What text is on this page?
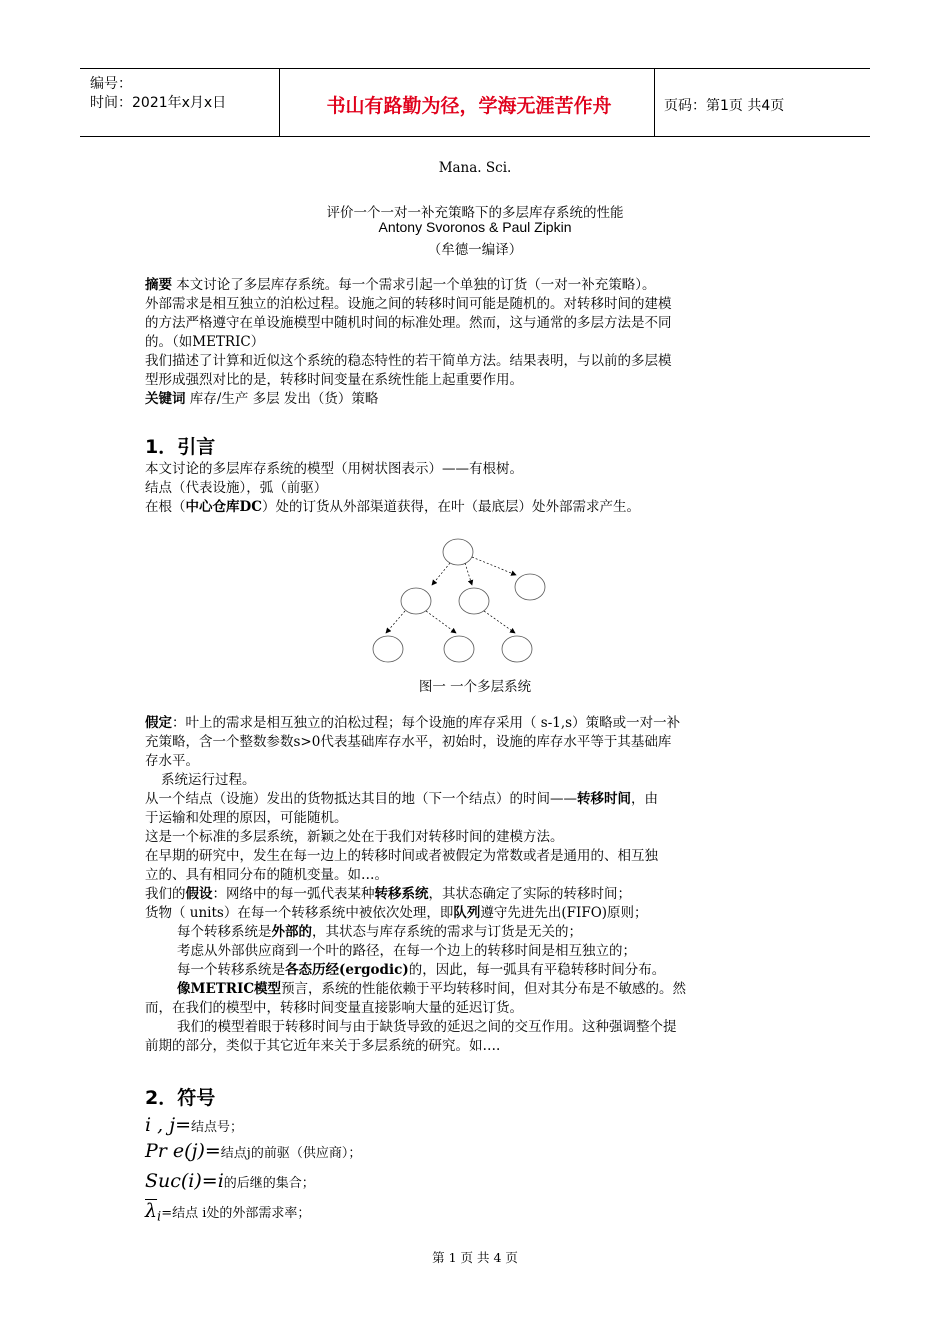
编号：
时间：2021年x月x日	书山有路勤为径，学海无涯苦作舟	页码：第1页 共4页
Mana. Sci.
评价一个一对一补充策略下的多层库存系统的性能
Antony Svoronos & Paul Zipkin
（牟德一编译）
摘要 本文讨论了多层库存系统。每一个需求引起一个单独的订货（一对一补充策略）。
外部需求是相互独立的泊松过程。设施之间的转移时间可能是随机的。对转移时间的建模
的方法严格遵守在单设施模型中随机时间的标准处理。然而，这与通常的多层方法是不同
的。（如METRIC）
我们描述了计算和近似这个系统的稳态特性的若干简单方法。结果表明，与以前的多层模
型形成强烈对比的是，转移时间变量在系统性能上起重要作用。
关键词 库存/生产 多层 发出（货）策略
1．引言
本文讨论的多层库存系统的模型（用树状图表示）——有根树。
结点（代表设施），弧（前驱）
在根（中心仓库DC）处的订货从外部渠道获得，在叶（最底层）处外部需求产生。
图一 一个多层系统
假定：叶上的需求是相互独立的泊松过程；每个设施的库存采用（ s-1,s）策略或一对一补
充策略，含一个整数参数s>0代表基础库存水平，初始时，设施的库存水平等于其基础库
存水平。
系统运行过程。
从一个结点（设施）发出的货物抵达其目的地（下一个结点）的时间——转移时间，由
于运输和处理的原因，可能随机。
这是一个标准的多层系统，新颖之处在于我们对转移时间的建模方法。
在早期的研究中，发生在每一边上的转移时间或者被假定为常数或者是通用的、相互独
立的、具有相同分布的随机变量。如…。
我们的假设：网络中的每一弧代表某种转移系统，其状态确定了实际的转移时间；
货物（ units）在每一个转移系统中被依次处理，即队列遵守先进先出(FIFO)原则；
每个转移系统是外部的，其状态与库存系统的需求与订货是无关的；
考虑从外部供应商到一个叶的路径，在每一个边上的转移时间是相互独立的；
每一个转移系统是各态历经(ergodic)的，因此，每一弧具有平稳转移时间分布。
像METRIC模型预言，系统的性能依赖于平均转移时间，但对其分布是不敏感的。然
而，在我们的模型中，转移时间变量直接影响大量的延迟订货。
我们的模型着眼于转移时间与由于缺货导致的延迟之间的交互作用。这种强调整个提
前期的部分，类似于其它近年来关于多层系统的研究。如….
2．符号
i , j=结点号；
Pr e(j)=结点j的前驱（供应商）；
Suc(i)=i的后继的集合；
$\overline{\lambda}_i=$结点 i处的外部需求率；
第 1 页 共 4 页
